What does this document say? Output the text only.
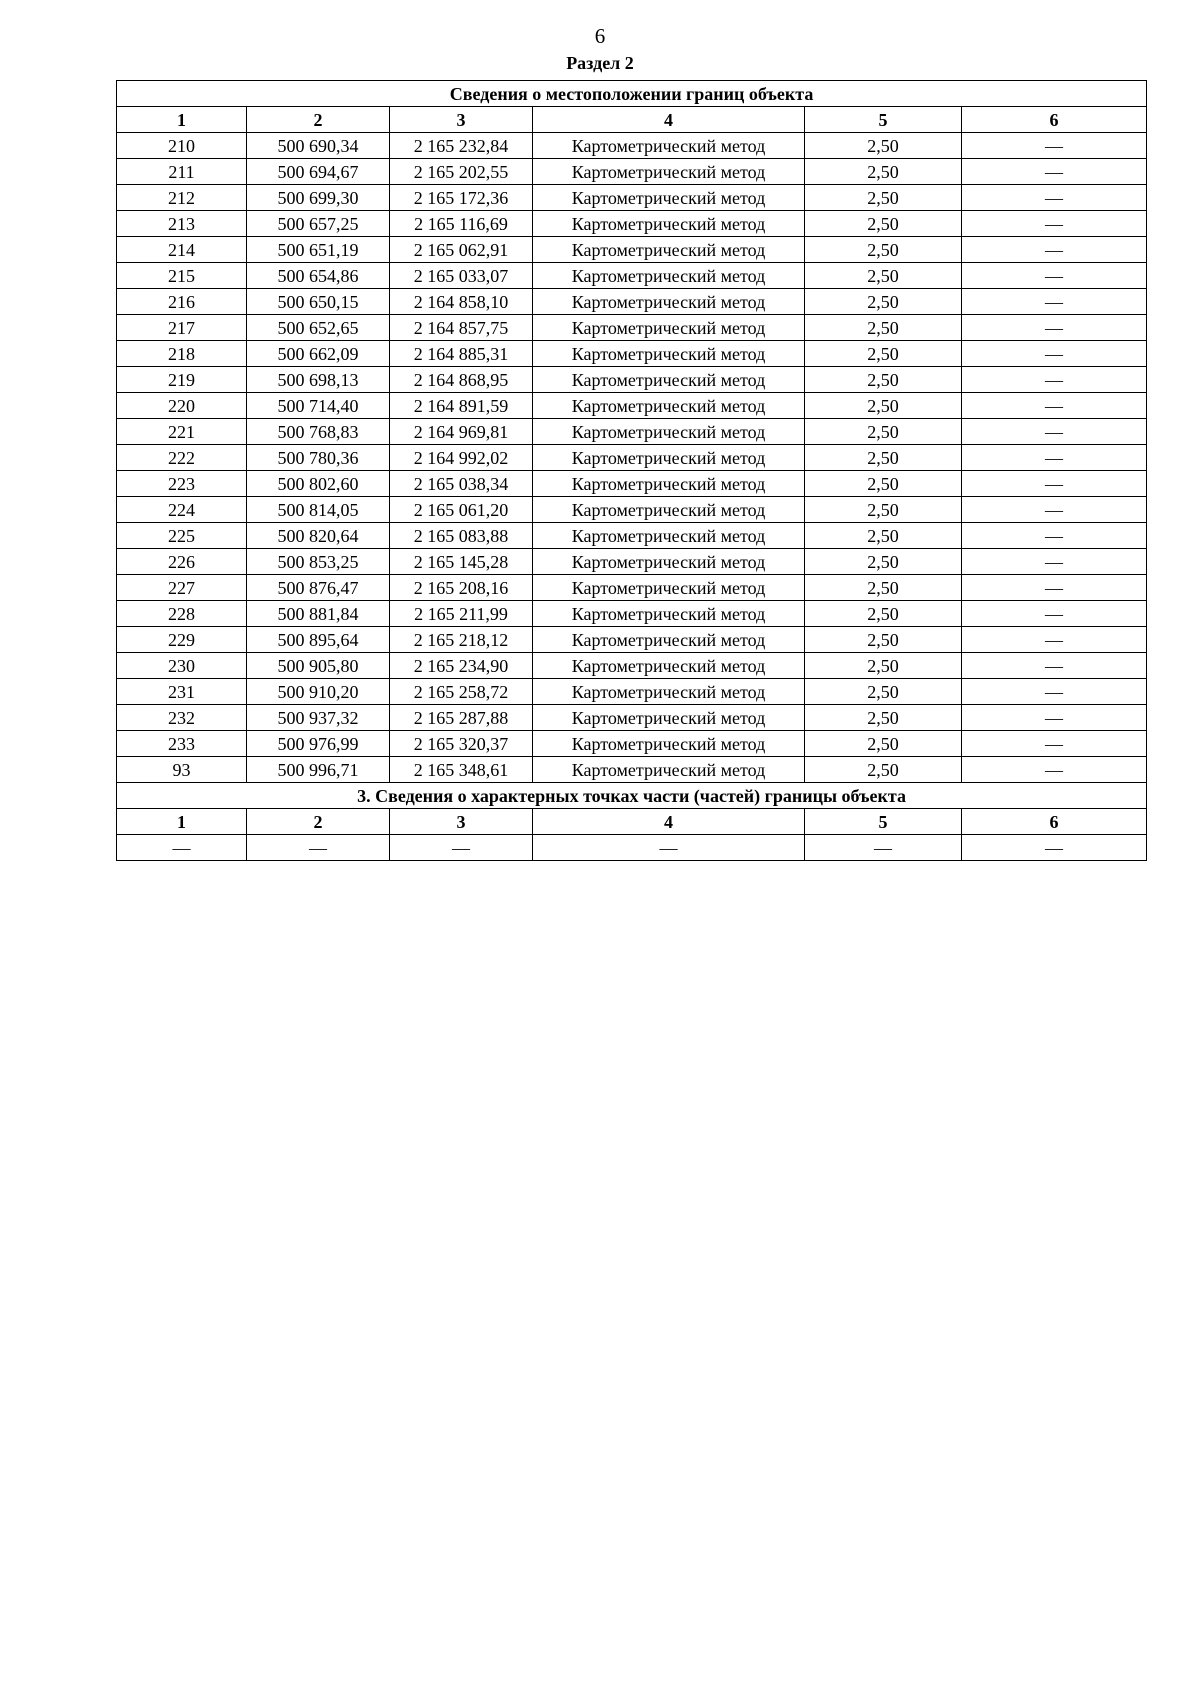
6
Раздел 2
Сведения о местоположении границ объекта					
1	2	3	4	5	6
210	500 690,34	2 165 232,84	Картометрический метод	2,50	—
211	500 694,67	2 165 202,55	Картометрический метод	2,50	—
212	500 699,30	2 165 172,36	Картометрический метод	2,50	—
213	500 657,25	2 165 116,69	Картометрический метод	2,50	—
214	500 651,19	2 165 062,91	Картометрический метод	2,50	—
215	500 654,86	2 165 033,07	Картометрический метод	2,50	—
216	500 650,15	2 164 858,10	Картометрический метод	2,50	—
217	500 652,65	2 164 857,75	Картометрический метод	2,50	—
218	500 662,09	2 164 885,31	Картометрический метод	2,50	—
219	500 698,13	2 164 868,95	Картометрический метод	2,50	—
220	500 714,40	2 164 891,59	Картометрический метод	2,50	—
221	500 768,83	2 164 969,81	Картометрический метод	2,50	—
222	500 780,36	2 164 992,02	Картометрический метод	2,50	—
223	500 802,60	2 165 038,34	Картометрический метод	2,50	—
224	500 814,05	2 165 061,20	Картометрический метод	2,50	—
225	500 820,64	2 165 083,88	Картометрический метод	2,50	—
226	500 853,25	2 165 145,28	Картометрический метод	2,50	—
227	500 876,47	2 165 208,16	Картометрический метод	2,50	—
228	500 881,84	2 165 211,99	Картометрический метод	2,50	—
229	500 895,64	2 165 218,12	Картометрический метод	2,50	—
230	500 905,80	2 165 234,90	Картометрический метод	2,50	—
231	500 910,20	2 165 258,72	Картометрический метод	2,50	—
232	500 937,32	2 165 287,88	Картометрический метод	2,50	—
233	500 976,99	2 165 320,37	Картометрический метод	2,50	—
93	500 996,71	2 165 348,61	Картометрический метод	2,50	—
3. Сведения о характерных точках части (частей) границы объекта					
1	2	3	4	5	6
—	—	—	—	—	—
